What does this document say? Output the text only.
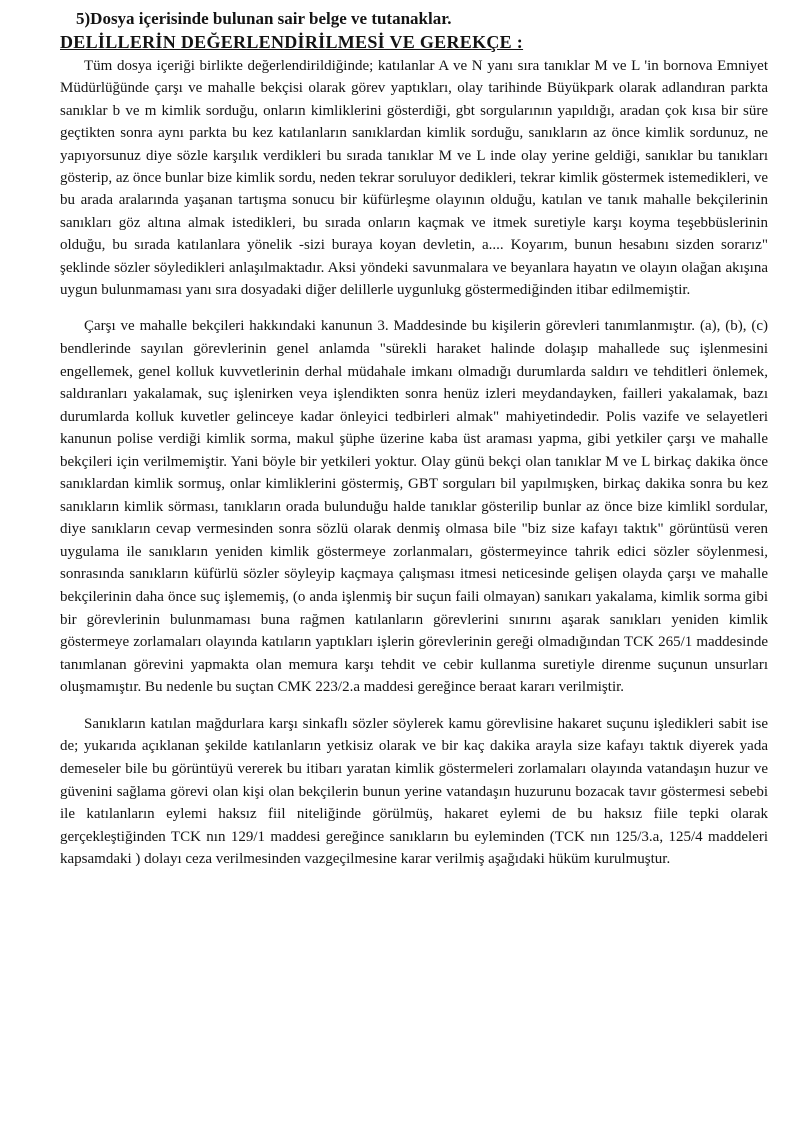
5)Dosya içerisinde bulunan sair belge ve tutanaklar.
DELİLLERİN DEĞERLENDİRİLMESİ VE GEREKÇE :

Tüm dosya içeriği birlikte değerlendirildiğinde; katılanlar A ve N yanı sıra tanıklar M ve L 'in bornova Emniyet Müdürlüğünde çarşı ve mahalle bekçisi olarak görev yaptıkları, olay tarihinde Büyükpark olarak adlandıran parkta sanıklar b ve m kimlik sorduğu, onların kimliklerini gösterdiği, gbt sorgularının yapıldığı, aradan çok kısa bir süre geçtikten sonra aynı parkta bu kez katılanların sanıklardan kimlik sorduğu, sanıkların az önce kimlik sordunuz, ne yapıyorsunuz diye sözle karşılık verdikleri bu sırada tanıklar M ve L inde olay yerine geldiği, sanıklar bu tanıkları gösterip, az önce bunlar bize kimlik sordu, neden tekrar soruluyor dedikleri, tekrar kimlik göstermek istemedikleri, ve bu arada aralarında yaşanan tartışma sonucu bir küfürleşme olayının olduğu, katılan ve tanık mahalle bekçilerinin sanıkları göz altına almak istedikleri, bu sırada onların kaçmak ve itmek suretiyle karşı koyma teşebbüslerinin olduğu, bu sırada katılanlara yönelik -sizi buraya koyan devletin, a.... Koyarım, bunun hesabını sizden sorarız" şeklinde sözler söyledikleri anlaşılmaktadır. Aksi yöndeki savunmalara ve beyanlara hayatın ve olayın olağan akışına uygun bulunmaması yanı sıra dosyadaki diğer delillerle uygunlukg göstermediğinden itibar edilmemiştir.

Çarşı ve mahalle bekçileri hakkındaki kanunun 3. Maddesinde bu kişilerin görevleri tanımlanmıştır. (a), (b), (c) bendlerinde sayılan görevlerinin genel anlamda "sürekli haraket halinde dolaşıp mahallede suç işlenmesini engellemek, genel kolluk kuvvetlerinin derhal müdahale imkanı olmadığı durumlarda saldırı ve tehditleri önlemek, saldıranları yakalamak, suç işlenirken veya işlendikten sonra henüz izleri meydandayken, failleri yakalamak, bazı durumlarda kolluk kuvetler gelinceye kadar önleyici tedbirleri almak" mahiyetindedir. Polis vazife ve selayetleri kanunun polise verdiği kimlik sorma, makul şüphe üzerine kaba üst araması yapma, gibi yetkiler çarşı ve mahalle bekçileri için verilmemiştir. Yani böyle bir yetkileri yoktur. Olay günü bekçi olan tanıklar M ve L birkaç dakika önce sanıklardan kimlik sormuş, onlar kimliklerini göstermiş, GBT sorguları bil yapılmışken, birkaç dakika sonra bu kez sanıkların kimlik sörması, tanıkların orada bulunduğu halde tanıklar gösterilip bunlar az önce bize kimlikl sordular, diye sanıkların cevap vermesinden sonra sözlü olarak denmiş olmasa bile "biz size kafayı taktık" görüntüsü veren uygulama ile sanıkların yeniden kimlik göstermeye zorlanmaları, göstermeyince tahrik edici sözler söylenmesi, sonrasında sanıkların küfürlü sözler söyleyip kaçmaya çalışması itmesi neticesinde gelişen olayda çarşı ve mahalle bekçilerinin daha önce suç işlememiş, (o anda işlenmiş bir suçun faili olmayan) sanıkarı yakalama, kimlik sorma gibi bir görevlerinin bulunmaması buna rağmen katılanların görevlerini sınırını aşarak sanıkları yeniden kimlik göstermeye zorlamaları olayında katıların yaptıkları işlerin görevlerinin gereği olmadığından TCK 265/1 maddesinde tanımlanan görevini yapmakta olan memura karşı tehdit ve cebir kullanma suretiyle direnme suçunun unsurları oluşmamıştır. Bu nedenle bu suçtan CMK 223/2.a maddesi gereğince beraat kararı verilmiştir.

Sanıkların katılan mağdurlara karşı sinkaflı sözler söylerek kamu görevlisine hakaret suçunu işledikleri sabit ise de; yukarıda açıklanan şekilde katılanların yetkisiz olarak ve bir kaç dakika arayla size kafayı taktık diyerek yada demeseler bile bu görüntüyü vererek bu itibarı yaratan kimlik göstermeleri zorlamaları olayında vatandaşın huzur ve güvenini sağlama görevi olan kişi olan bekçilerin bunun yerine vatandaşın huzurunu bozacak tavır göstermesi sebebi ile katılanların eylemi haksız fiil niteliğinde görülmüş, hakaret eylemi de bu haksız fiile tepki olarak gerçekleştiğinden TCK nın 129/1 maddesi gereğince sanıkların bu eyleminden (TCK nın 125/3.a, 125/4 maddeleri kapsamdaki ) dolayı ceza verilmesinden vazgeçilmesine karar verilmiş aşağıdaki hüküm kurulmuştur.
